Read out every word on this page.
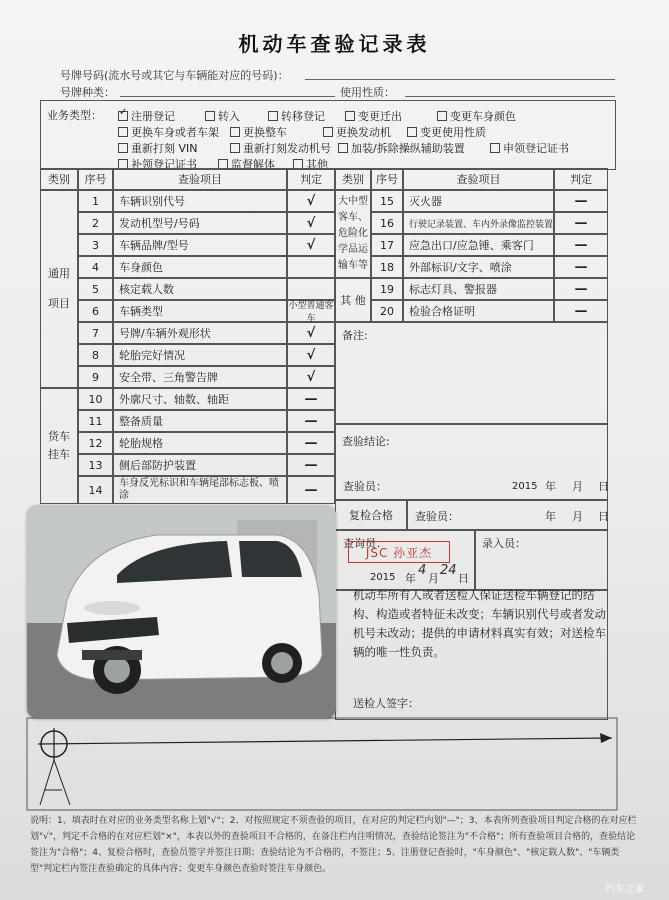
机动车查验记录表
号牌号码(流水号或其它与车辆能对应的号码)：
号牌种类：	使用性质：
业务类型：
说明：1、填表时在对应的业务类型名称上划"√"；2、对按照规定不须查验的项目，在对应的判定栏内划"—"；3、本表所列查验项目判定合格的在对应栏划"√"，判定不合格的在对应栏划"×"，本表以外的查验项目不合格的，在备注栏内注明情况，查验结论签注为"不合格"；所有查验项目合格的，查验结论签注为"合格"；4、复检合格时，查验员签字并签注日期；查验结论为不合格的，不签注；5、注册登记查验时，"车身颜色"、"核定载人数"、"车辆类型"判定栏内签注查验确定的具体内容；变更车身颜色查验时签注车身颜色。
汽车之家
✓注册登记	转入	转移登记	变更迁出	变更车身颜色
更换车身或者车架	更换整车	更换发动机	变更使用性质
重新打刻 VIN	重新打刻发动机号	加装/拆除操纵辅助装置	申领登记证书
补领登记证书	监督解体	其他
类别	序号	查验项目	判定	类别	序号	查验项目	判定
1	车辆识别代号	√
2	发动机型号/号码	√
3	车辆品牌/型号	√
4	车身颜色
5	核定载人数
6	车辆类型	小型普通客车
7	号牌/车辆外观形状	√
8	轮胎完好情况	√
9	安全带、三角警告牌	√
10	外廓尺寸、轴数、轴距	—
11	整备质量	—
12	轮胎规格	—
13	侧后部防护装置	—
14	车身反光标识和车辆尾部标志板、喷涂	—
通用
项目
货车
挂车
15	灭火器	—
16	行驶记录装置、车内外录像监控装置	—
17	应急出口/应急锤、乘客门	—
18	外部标识/文字、喷涂	—
19	标志灯具、警报器	—
20	检验合格证明	—
大中型客车、危险化学品运输车等
其 他
备注:
查验结论:
查验员：	2015 年 月 日
复检合格	查验员：	年 月 日
查询员：
2015 年
4
月
24
日
录入员：
机动车所有人或者送检人保证送检车辆登记的结构、构造或者特征未改变；车辆识别代号或者发动机号未改动；提供的申请材料真实有效；对送检车辆的唯一性负责。
送检人签字：
JSC 孙亚杰
